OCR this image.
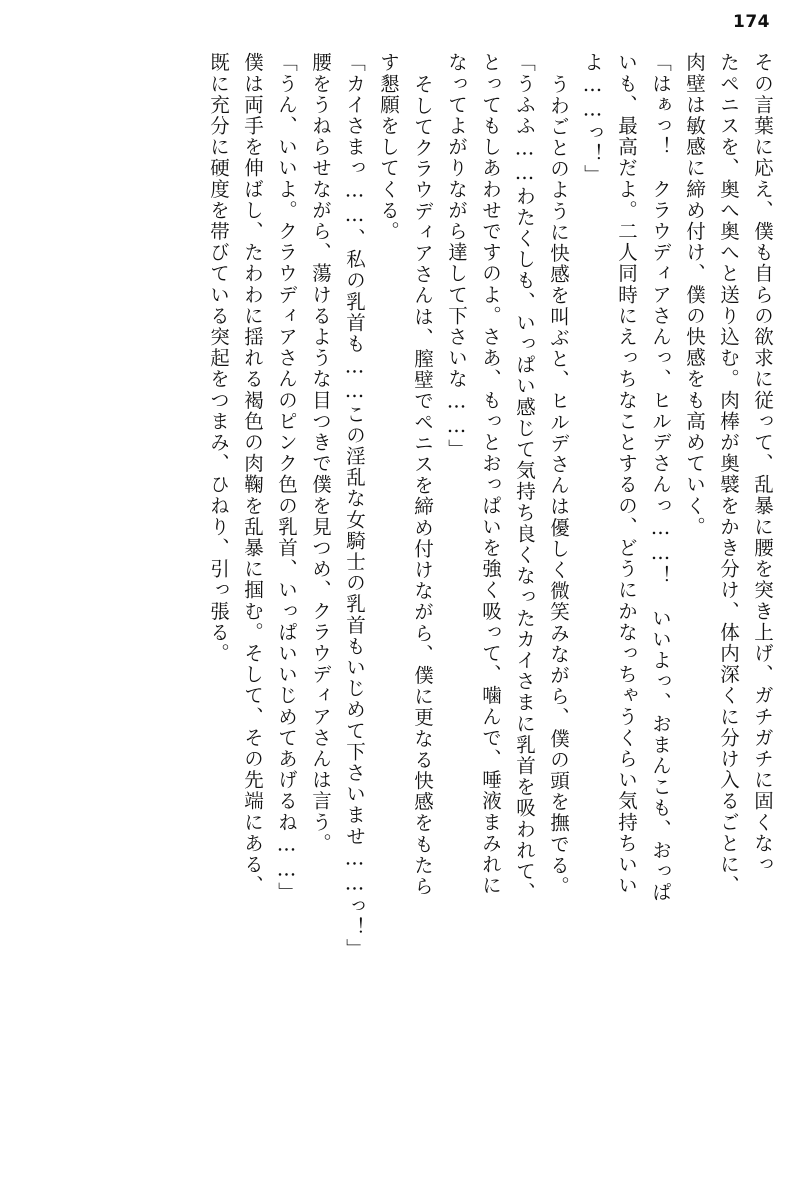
174
その言葉に応え、僕も自らの欲求に従って、乱暴に腰を突き上げ、ガチガチに固くなっ
たペニスを、奥へ奥へと送り込む。肉棒が奥襞をかき分け、体内深くに分け入るごとに、
肉壁は敏感に締め付け、僕の快感をも高めていく。
「はぁっ！　クラウディアさんっ、ヒルデさんっ……！　いいよっ、おまんこも、おっぱ
いも、最高だよ。二人同時にえっちなことするの、どうにかなっちゃうくらい気持ちいい
よ……っ！」
うわごとのように快感を叫ぶと、ヒルデさんは優しく微笑みながら、僕の頭を撫でる。
「うふふ……わたくしも、いっぱい感じて気持ち良くなったカイさまに乳首を吸われて、
とってもしあわせですのよ。さあ、もっとおっぱいを強く吸って、噛んで、唾液まみれに
なってよがりながら達して下さいな……」
そしてクラウディアさんは、膣壁でペニスを締め付けながら、僕に更なる快感をもたら
す懇願をしてくる。
「カイさまっ……、私の乳首も……この淫乱な女騎士の乳首もいじめて下さいませ……っ！」
腰をうねらせながら、蕩けるような目つきで僕を見つめ、クラウディアさんは言う。
「うん、いいよ。クラウディアさんのピンク色の乳首、いっぱいいじめてあげるね……」
僕は両手を伸ばし、たわわに揺れる褐色の肉鞠を乱暴に掴む。そして、その先端にある、
既に充分に硬度を帯びている突起をつまみ、ひねり、引っ張る。
